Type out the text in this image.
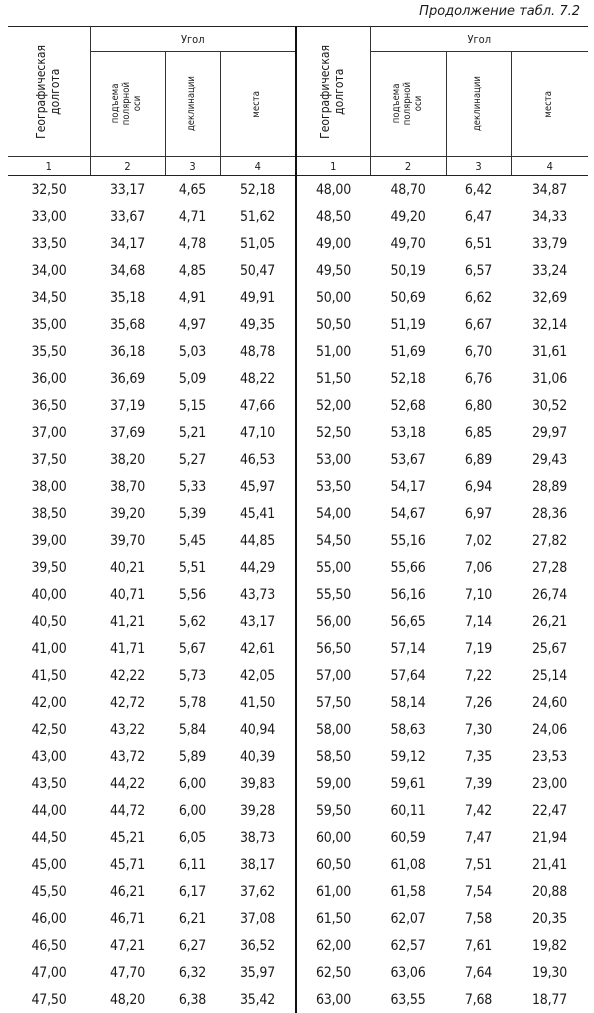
Продолжение табл. 7.2
Географическая
долгота	Угол			Географическая
долгота	Угол		

	подъема
полярной
оси	деклинации	места		подъема
полярной
оси	деклинации	места

1	2	3	4	1	2	3	4
32,50	33,17	4,65	52,18	48,00	48,70	6,42	34,87
33,00	33,67	4,71	51,62	48,50	49,20	6,47	34,33
33,50	34,17	4,78	51,05	49,00	49,70	6,51	33,79
34,00	34,68	4,85	50,47	49,50	50,19	6,57	33,24
34,50	35,18	4,91	49,91	50,00	50,69	6,62	32,69
35,00	35,68	4,97	49,35	50,50	51,19	6,67	32,14
35,50	36,18	5,03	48,78	51,00	51,69	6,70	31,61
36,00	36,69	5,09	48,22	51,50	52,18	6,76	31,06
36,50	37,19	5,15	47,66	52,00	52,68	6,80	30,52
37,00	37,69	5,21	47,10	52,50	53,18	6,85	29,97
37,50	38,20	5,27	46,53	53,00	53,67	6,89	29,43
38,00	38,70	5,33	45,97	53,50	54,17	6,94	28,89
38,50	39,20	5,39	45,41	54,00	54,67	6,97	28,36
39,00	39,70	5,45	44,85	54,50	55,16	7,02	27,82
39,50	40,21	5,51	44,29	55,00	55,66	7,06	27,28
40,00	40,71	5,56	43,73	55,50	56,16	7,10	26,74
40,50	41,21	5,62	43,17	56,00	56,65	7,14	26,21
41,00	41,71	5,67	42,61	56,50	57,14	7,19	25,67
41,50	42,22	5,73	42,05	57,00	57,64	7,22	25,14
42,00	42,72	5,78	41,50	57,50	58,14	7,26	24,60
42,50	43,22	5,84	40,94	58,00	58,63	7,30	24,06
43,00	43,72	5,89	40,39	58,50	59,12	7,35	23,53
43,50	44,22	6,00	39,83	59,00	59,61	7,39	23,00
44,00	44,72	6,00	39,28	59,50	60,11	7,42	22,47
44,50	45,21	6,05	38,73	60,00	60,59	7,47	21,94
45,00	45,71	6,11	38,17	60,50	61,08	7,51	21,41
45,50	46,21	6,17	37,62	61,00	61,58	7,54	20,88
46,00	46,71	6,21	37,08	61,50	62,07	7,58	20,35
46,50	47,21	6,27	36,52	62,00	62,57	7,61	19,82
47,00	47,70	6,32	35,97	62,50	63,06	7,64	19,30
47,50	48,20	6,38	35,42	63,00	63,55	7,68	18,77
